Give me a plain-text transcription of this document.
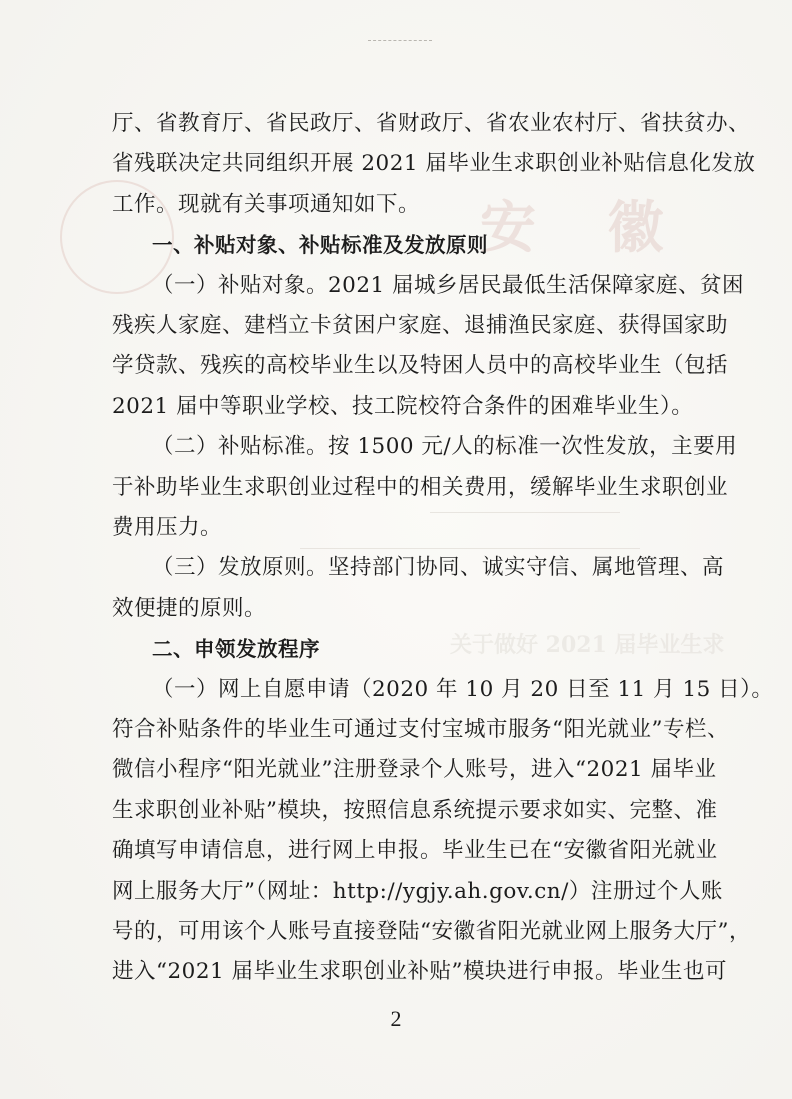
安 徽
关于做好 2021 届毕业生求
厅、省教育厅、省民政厅、省财政厅、省农业农村厅、省扶贫办、
省残联决定共同组织开展 2021 届毕业生求职创业补贴信息化发放
工作。现就有关事项通知如下。
一、补贴对象、补贴标准及发放原则
（一）补贴对象。2021 届城乡居民最低生活保障家庭、贫困
残疾人家庭、建档立卡贫困户家庭、退捕渔民家庭、获得国家助
学贷款、残疾的高校毕业生以及特困人员中的高校毕业生（包括
2021 届中等职业学校、技工院校符合条件的困难毕业生）。
（二）补贴标准。按 1500 元/人的标准一次性发放，主要用
于补助毕业生求职创业过程中的相关费用，缓解毕业生求职创业
费用压力。
（三）发放原则。坚持部门协同、诚实守信、属地管理、高
效便捷的原则。
二、申领发放程序
（一）网上自愿申请（2020 年 10 月 20 日至 11 月 15 日）。
符合补贴条件的毕业生可通过支付宝城市服务“阳光就业”专栏、
微信小程序“阳光就业”注册登录个人账号，进入“2021 届毕业
生求职创业补贴”模块，按照信息系统提示要求如实、完整、准
确填写申请信息，进行网上申报。毕业生已在“安徽省阳光就业
网上服务大厅”（网址：http://ygjy.ah.gov.cn/）注册过个人账
号的，可用该个人账号直接登陆“安徽省阳光就业网上服务大厅”，
进入“2021 届毕业生求职创业补贴”模块进行申报。毕业生也可
2
